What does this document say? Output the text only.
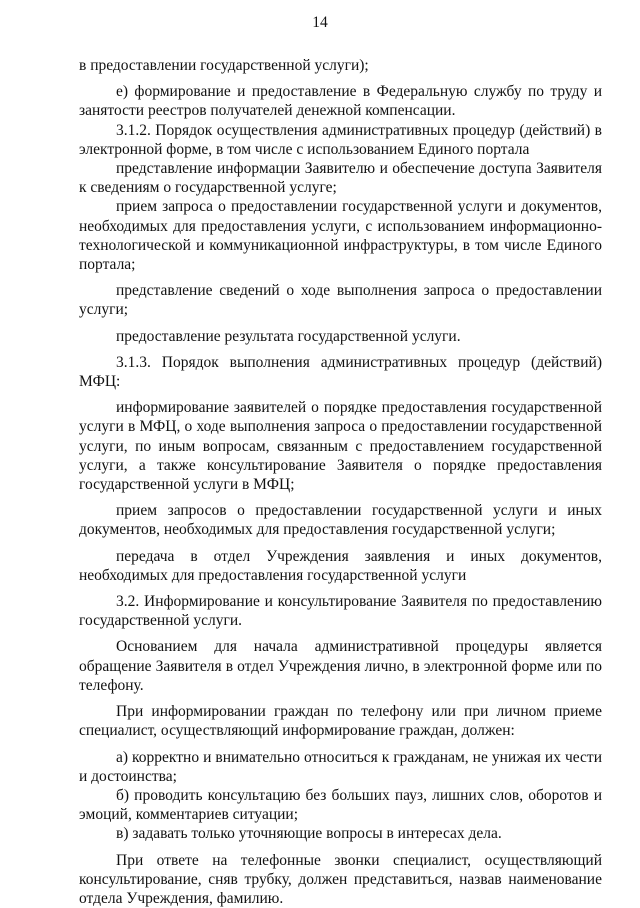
14

в предоставлении государственной услуги);

е) формирование и предоставление в Федеральную службу по труду и занятости реестров получателей денежной компенсации.

3.1.2. Порядок осуществления административных процедур (действий) в электронной форме, в том числе с использованием Единого портала

представление информации Заявителю и обеспечение доступа Заявителя к сведениям о государственной услуге;

прием запроса о предоставлении государственной услуги и документов, необходимых для предоставления услуги, с использованием информационно-технологической и коммуникационной инфраструктуры, в том числе Единого портала;

представление сведений о ходе выполнения запроса о предоставлении услуги;

предоставление результата государственной услуги.

3.1.3. Порядок выполнения административных процедур (действий) МФЦ:

информирование заявителей о порядке предоставления государственной услуги в МФЦ, о ходе выполнения запроса о предоставлении государственной услуги, по иным вопросам, связанным с предоставлением государственной услуги, а также консультирование Заявителя о порядке предоставления государственной услуги в МФЦ;

прием запросов о предоставлении государственной услуги и иных документов, необходимых для предоставления государственной услуги;

передача в отдел Учреждения заявления и иных документов, необходимых для предоставления государственной услуги

3.2. Информирование и консультирование Заявителя по предоставлению государственной услуги.

Основанием для начала административной процедуры является обращение Заявителя в отдел Учреждения лично, в электронной форме или по телефону.

При информировании граждан по телефону или при личном приеме специалист, осуществляющий информирование граждан, должен:

а) корректно и внимательно относиться к гражданам, не унижая их чести и достоинства;

б) проводить консультацию без больших пауз, лишних слов, оборотов и эмоций, комментариев ситуации;

в) задавать только уточняющие вопросы в интересах дела.

При ответе на телефонные звонки специалист, осуществляющий консультирование, сняв трубку, должен представиться, назвав наименование отдела Учреждения, фамилию.
